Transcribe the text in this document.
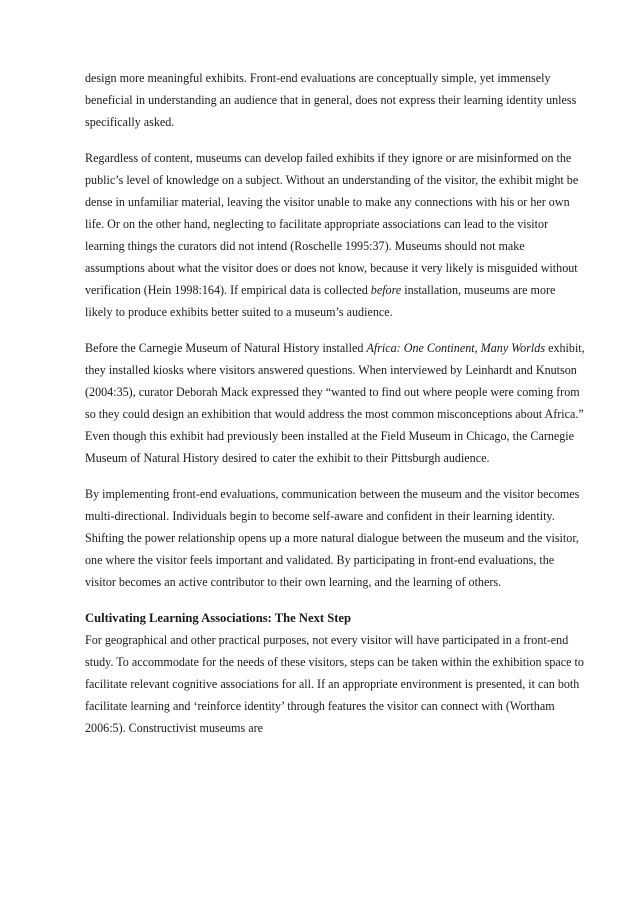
design more meaningful exhibits. Front-end evaluations are conceptually simple, yet immensely beneficial in understanding an audience that in general, does not express their learning identity unless specifically asked.

Regardless of content, museums can develop failed exhibits if they ignore or are misinformed on the public’s level of knowledge on a subject. Without an understanding of the visitor, the exhibit might be dense in unfamiliar material, leaving the visitor unable to make any connections with his or her own life. Or on the other hand, neglecting to facilitate appropriate associations can lead to the visitor learning things the curators did not intend (Roschelle 1995:37). Museums should not make assumptions about what the visitor does or does not know, because it very likely is misguided without verification (Hein 1998:164). If empirical data is collected before installation, museums are more likely to produce exhibits better suited to a museum’s audience.

Before the Carnegie Museum of Natural History installed Africa: One Continent, Many Worlds exhibit, they installed kiosks where visitors answered questions. When interviewed by Leinhardt and Knutson (2004:35), curator Deborah Mack expressed they “wanted to find out where people were coming from so they could design an exhibition that would address the most common misconceptions about Africa.” Even though this exhibit had previously been installed at the Field Museum in Chicago, the Carnegie Museum of Natural History desired to cater the exhibit to their Pittsburgh audience.

By implementing front-end evaluations, communication between the museum and the visitor becomes multi-directional. Individuals begin to become self-aware and confident in their learning identity. Shifting the power relationship opens up a more natural dialogue between the museum and the visitor, one where the visitor feels important and validated. By participating in front-end evaluations, the visitor becomes an active contributor to their own learning, and the learning of others.

Cultivating Learning Associations: The Next Step

For geographical and other practical purposes, not every visitor will have participated in a front-end study. To accommodate for the needs of these visitors, steps can be taken within the exhibition space to facilitate relevant cognitive associations for all. If an appropriate environment is presented, it can both facilitate learning and ‘reinforce identity’ through features the visitor can connect with (Wortham 2006:5). Constructivist museums are
